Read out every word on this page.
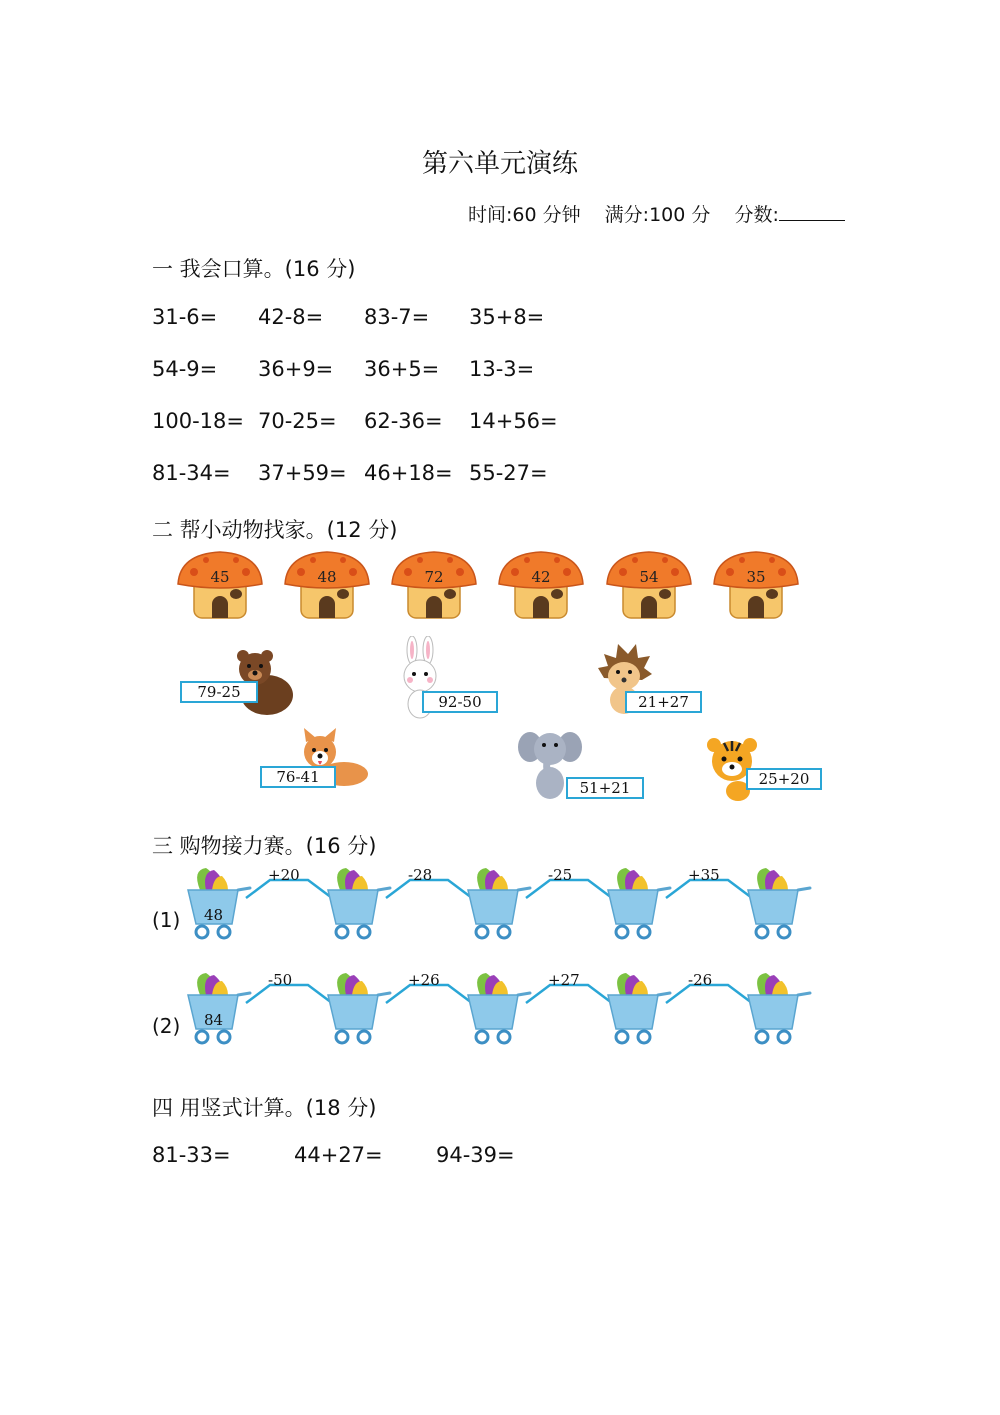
第六单元演练
时间:60 分钟 满分:100 分 分数:
一 我会口算。(16 分)
31-6= 42-8= 83-7= 35+8=
54-9= 36+9= 36+5= 13-3=
100-18= 70-25= 62-36= 14+56=
81-34= 37+59= 46+18= 55-27=
二 帮小动物找家。(12 分)
45	48	72	42	54	35
79-25
92-50	21+27
76-41
51+21	25+20
三 购物接力赛。(16 分)
(1) 48
+20	-28	-25	+35
(2) 84
-50	+26	+27	-26
四 用竖式计算。(18 分)
81-33=	44+27=	94-39=
